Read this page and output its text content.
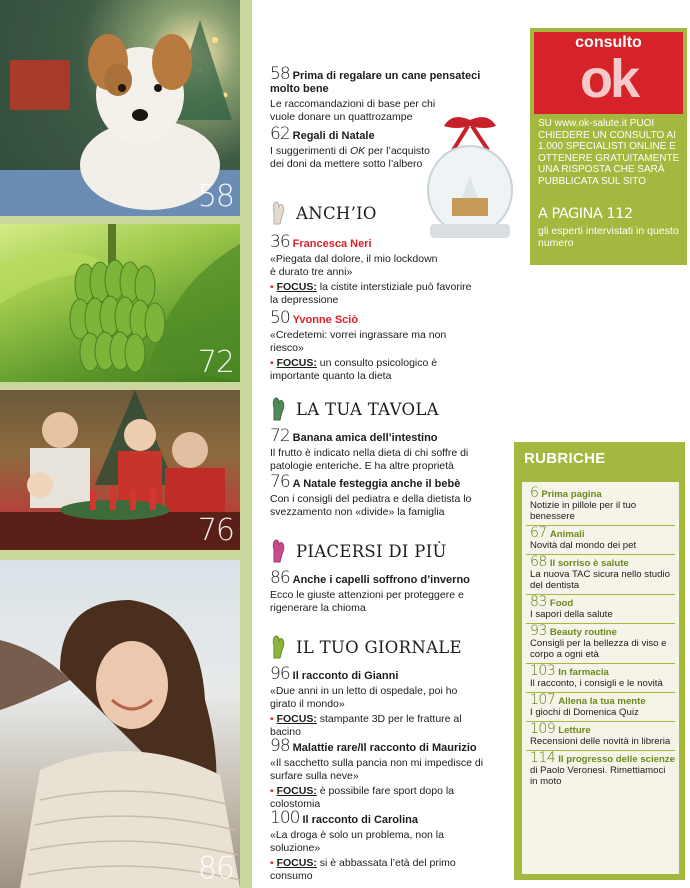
58
72
76
86
58 Prima di regalare un cane pensateci molto bene
Le raccomandazioni di base per chi vuole donare un quattrozampe
62 Regali di Natale
I suggerimenti di OK per l’acquisto dei doni da mettere sotto l’albero
ANCH’IO
36 Francesca Neri
«Piegata dal dolore, il mio lockdown è durato tre anni»
• FOCUS: la cistite interstiziale può favorire la depressione
50 Yvonne Sciò
«Credetemi: vorrei ingrassare ma non riesco»
• FOCUS: un consulto psicologico è importante quanto la dieta
LA TUA TAVOLA
72 Banana amica dell’intestino
Il frutto è indicato nella dieta di chi soffre di patologie enteriche. E ha altre proprietà
76 A Natale festeggia anche il bebè
Con i consigli del pediatra e della dietista lo svezzamento non «divide» la famiglia
PIACERSI DI PIÙ
86 Anche i capelli soffrono d’inverno
Ecco le giuste attenzioni per proteggere e rigenerare la chioma
IL TUO GIORNALE
96 Il racconto di Gianni
«Due anni in un letto di ospedale, poi ho girato il mondo»
• FOCUS: stampante 3D per le fratture al bacino
98 Malattie rare/Il racconto di Maurizio
«Il sacchetto sulla pancia non mi impedisce di surfare sulla neve»
• FOCUS: è possibile fare sport dopo la colostomia
100 Il racconto di Carolina
«La droga è solo un problema, non la soluzione»
• FOCUS: si è abbassata l’età del primo consumo
consulto
ok
SU www.ok-salute.it PUOI CHIEDERE UN CONSULTO AI 1.000 SPECIALISTI ONLINE E OTTENERE GRATUITAMENTE UNA RISPOSTA CHE SARÀ PUBBLICATA SUL SITO
A PAGINA 112
gli esperti intervistati in questo numero
RUBRICHE
6 Prima pagina
Notizie in pillole per il tuo benessere
67 Animali
Novità dal mondo dei pet
68 Il sorriso è salute
La nuova TAC sicura nello studio del dentista
83 Food
I sapori della salute
93 Beauty routine
Consigli per la bellezza di viso e corpo a ogni età
103 In farmacia
Il racconto, i consigli e le novità
107 Allena la tua mente
I giochi di Domenica Quiz
109 Letture
Recensioni delle novità in libreria
114 Il progresso delle scienze
di Paolo Veronesi. Rimettiamoci in moto
